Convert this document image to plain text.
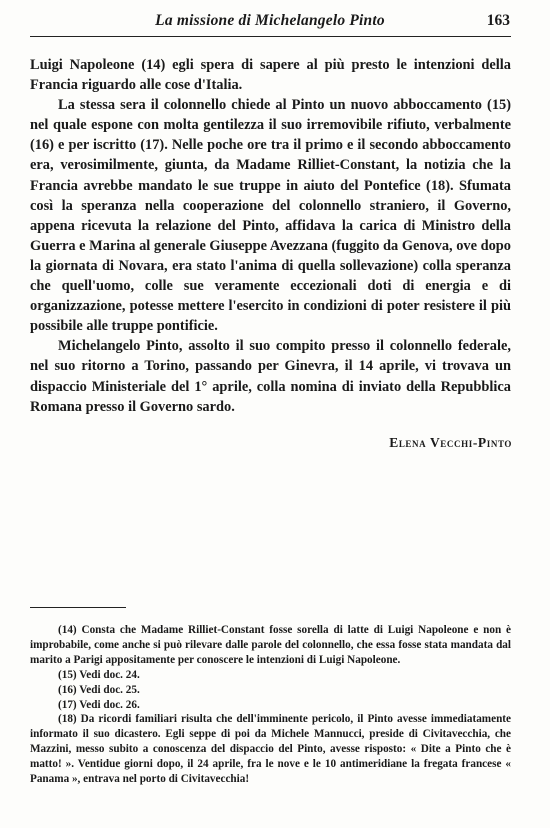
La missione di Michelangelo Pinto	163

Luigi Napoleone (14) egli spera di sapere al più presto le intenzioni della Francia riguardo alle cose d'Italia.

La stessa sera il colonnello chiede al Pinto un nuovo abboccamento (15) nel quale espone con molta gentilezza il suo irremovibile rifiuto, verbalmente (16) e per iscritto (17). Nelle poche ore tra il primo e il secondo abboccamento era, verosimilmente, giunta, da Madame Rilliet-Constant, la notizia che la Francia avrebbe mandato le sue truppe in aiuto del Pontefice (18). Sfumata così la speranza nella cooperazione del colonnello straniero, il Governo, appena ricevuta la relazione del Pinto, affidava la carica di Ministro della Guerra e Marina al generale Giuseppe Avezzana (fuggito da Genova, ove dopo la giornata di Novara, era stato l'anima di quella sollevazione) colla speranza che quell'uomo, colle sue veramente eccezionali doti di energia e di organizzazione, potesse mettere l'esercito in condizioni di poter resistere il più possibile alle truppe pontificie.

Michelangelo Pinto, assolto il suo compito presso il colonnello federale, nel suo ritorno a Torino, passando per Ginevra, il 14 aprile, vi trovava un dispaccio Ministeriale del 1° aprile, colla nomina di inviato della Repubblica Romana presso il Governo sardo.

Elena Vecchi-Pinto

(14) Consta che Madame Rilliet-Constant fosse sorella di latte di Luigi Napoleone e non è improbabile, come anche si può rilevare dalle parole del colonnello, che essa fosse stata mandata dal marito a Parigi appositamente per conoscere le intenzioni di Luigi Napoleone.

(15) Vedi doc. 24.

(16) Vedi doc. 25.

(17) Vedi doc. 26.

(18) Da ricordi familiari risulta che dell'imminente pericolo, il Pinto avesse immediatamente informato il suo dicastero. Egli seppe di poi da Michele Mannucci, preside di Civitavecchia, che Mazzini, messo subito a conoscenza del dispaccio del Pinto, avesse risposto: « Dite a Pinto che è matto! ». Ventidue giorni dopo, il 24 aprile, fra le nove e le 10 antimeridiane la fregata francese « Panama », entrava nel porto di Civitavecchia!
